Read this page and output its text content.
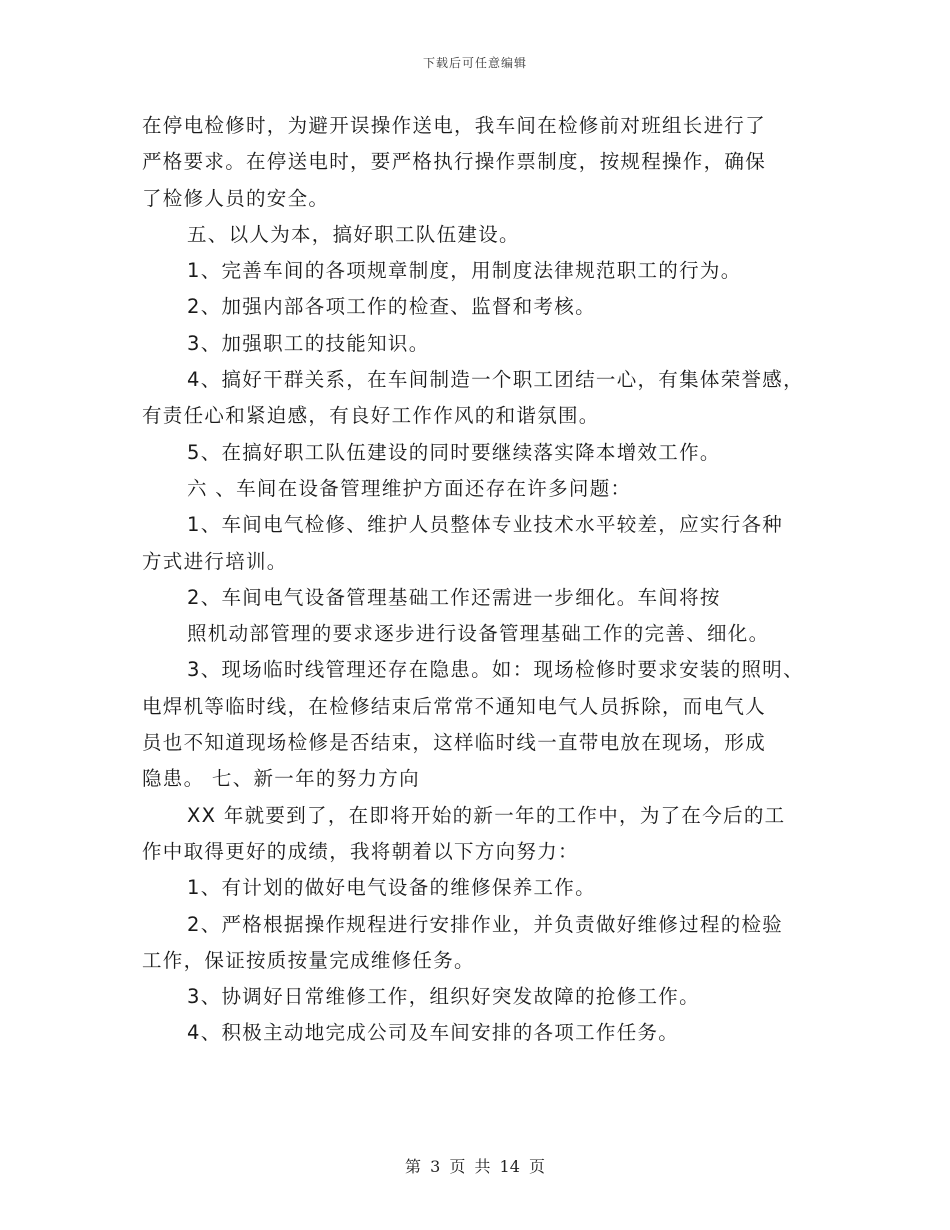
下载后可任意编辑
在停电检修时，为避开误操作送电，我车间在检修前对班组长进行了
严格要求。在停送电时，要严格执行操作票制度，按规程操作，确保
了检修人员的安全。
五、以人为本，搞好职工队伍建设。
1、完善车间的各项规章制度，用制度法律规范职工的行为。
2、加强内部各项工作的检查、监督和考核。
3、加强职工的技能知识。
4、搞好干群关系，在车间制造一个职工团结一心，有集体荣誉感，
有责任心和紧迫感，有良好工作作风的和谐氛围。
5、在搞好职工队伍建设的同时要继续落实降本增效工作。
六 、车间在设备管理维护方面还存在许多问题：
1、车间电气检修、维护人员整体专业技术水平较差，应实行各种
方式进行培训。
2、车间电气设备管理基础工作还需进一步细化。车间将按
照机动部管理的要求逐步进行设备管理基础工作的完善、细化。
3、现场临时线管理还存在隐患。如：现场检修时要求安装的照明、
电焊机等临时线，在检修结束后常常不通知电气人员拆除，而电气人
员也不知道现场检修是否结束，这样临时线一直带电放在现场，形成
隐患。 七、新一年的努力方向
XX 年就要到了，在即将开始的新一年的工作中，为了在今后的工
作中取得更好的成绩，我将朝着以下方向努力：
1、有计划的做好电气设备的维修保养工作。
2、严格根据操作规程进行安排作业，并负责做好维修过程的检验
工作，保证按质按量完成维修任务。
3、协调好日常维修工作，组织好突发故障的抢修工作。
4、积极主动地完成公司及车间安排的各项工作任务。
第 3 页 共 14 页
